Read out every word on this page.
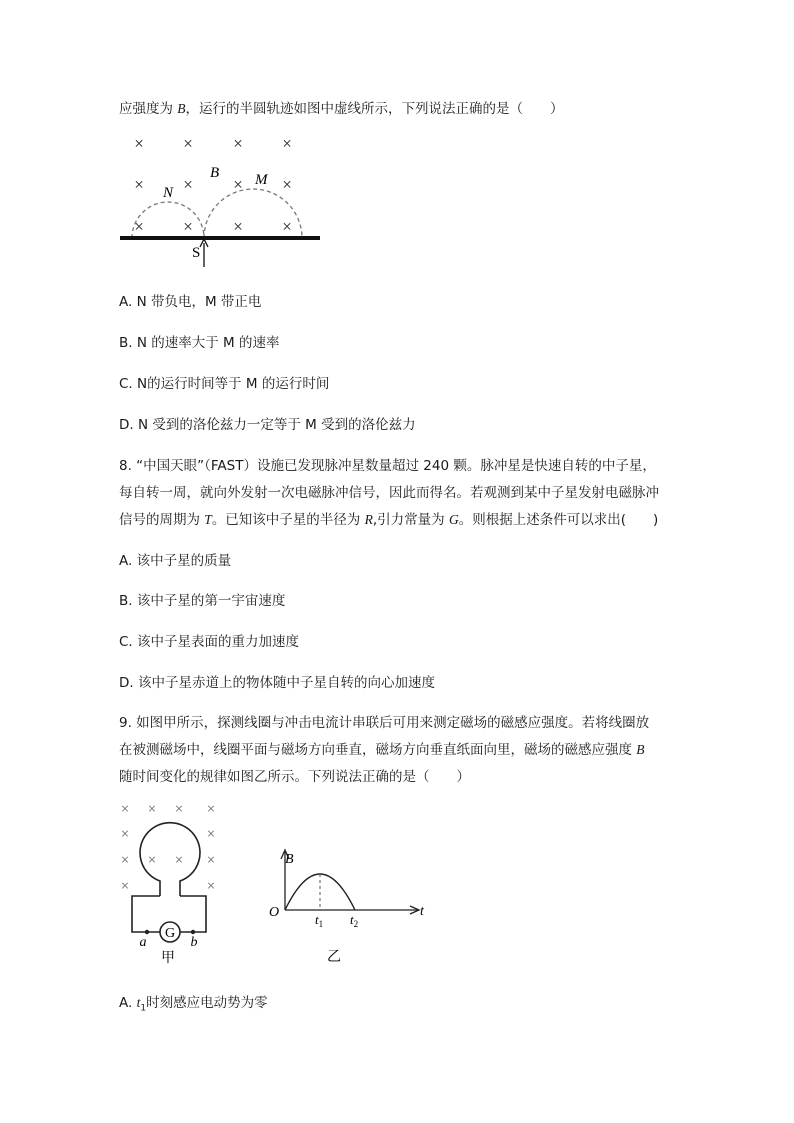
应强度为 B，运行的半圆轨迹如图中虚线所示，下列说法正确的是（　　）
× × × ×
× × × ×
× × × ×
B
N
M
S
A. N 带负电，M 带正电
B. N 的速率大于 M 的速率
C. N的运行时间等于 M 的运行时间
D. N 受到的洛伦兹力一定等于 M 受到的洛伦兹力
8. “中国天眼”（FAST）设施已发现脉冲星数量超过 240 颗。脉冲星是快速自转的中子星，
每自转一周，就向外发射一次电磁脉冲信号，因此而得名。若观测到某中子星发射电磁脉冲
信号的周期为 T。已知该中子星的半径为 R,引力常量为 G。则根据上述条件可以求出(　　)
A. 该中子星的质量
B. 该中子星的第一宇宙速度
C. 该中子星表面的重力加速度
D. 该中子星赤道上的物体随中子星自转的向心加速度
9. 如图甲所示，探测线圈与冲击电流计串联后可用来测定磁场的磁感应强度。若将线圈放
在被测磁场中，线圈平面与磁场方向垂直，磁场方向垂直纸面向里，磁场的磁感应强度 B
随时间变化的规律如图乙所示。下列说法正确的是（　　）
× × × ×
×	×
× × × ×
×	×
G
a	b
甲
B
O	t
$t_1$ $t_2$
乙
A. $t_1$时刻感应电动势为零
